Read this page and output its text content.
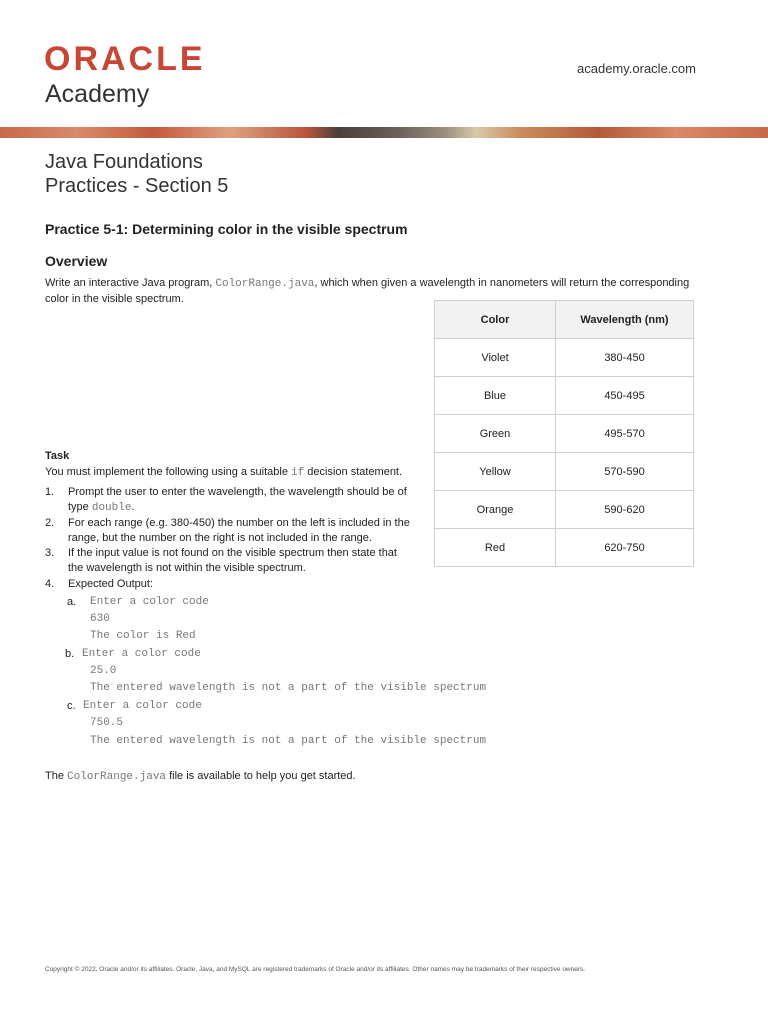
ORACLE
Academy
academy.oracle.com
Java Foundations
Practices - Section 5
Practice 5-1: Determining color in the visible spectrum
Overview
Write an interactive Java program, ColorRange.java, which when given a wavelength in nanometers will return the corresponding
color in the visible spectrum.
Color	Wavelength (nm)
Violet	380-450
Blue	450-495
Green	495-570
Yellow	570-590
Orange	590-620
Red	620-750
Task
You must implement the following using a suitable if decision statement.
1. Prompt the user to enter the wavelength, the wavelength should be of
type double.
2. For each range (e.g. 380-450) the number on the left is included in the
range, but the number on the right is not included in the range.
3. If the input value is not found on the visible spectrum then state that
the wavelength is not within the visible spectrum.
4. Expected Output:
a. Enter a color code
630
The color is Red
b. Enter a color code
25.0
The entered wavelength is not a part of the visible spectrum
c. Enter a color code
750.5
The entered wavelength is not a part of the visible spectrum
The ColorRange.java file is available to help you get started.
Copyright © 2022, Oracle and/or its affiliates. Oracle, Java, and MySQL are registered trademarks of Oracle and/or its affiliates. Other names may be trademarks of their respective owners.
